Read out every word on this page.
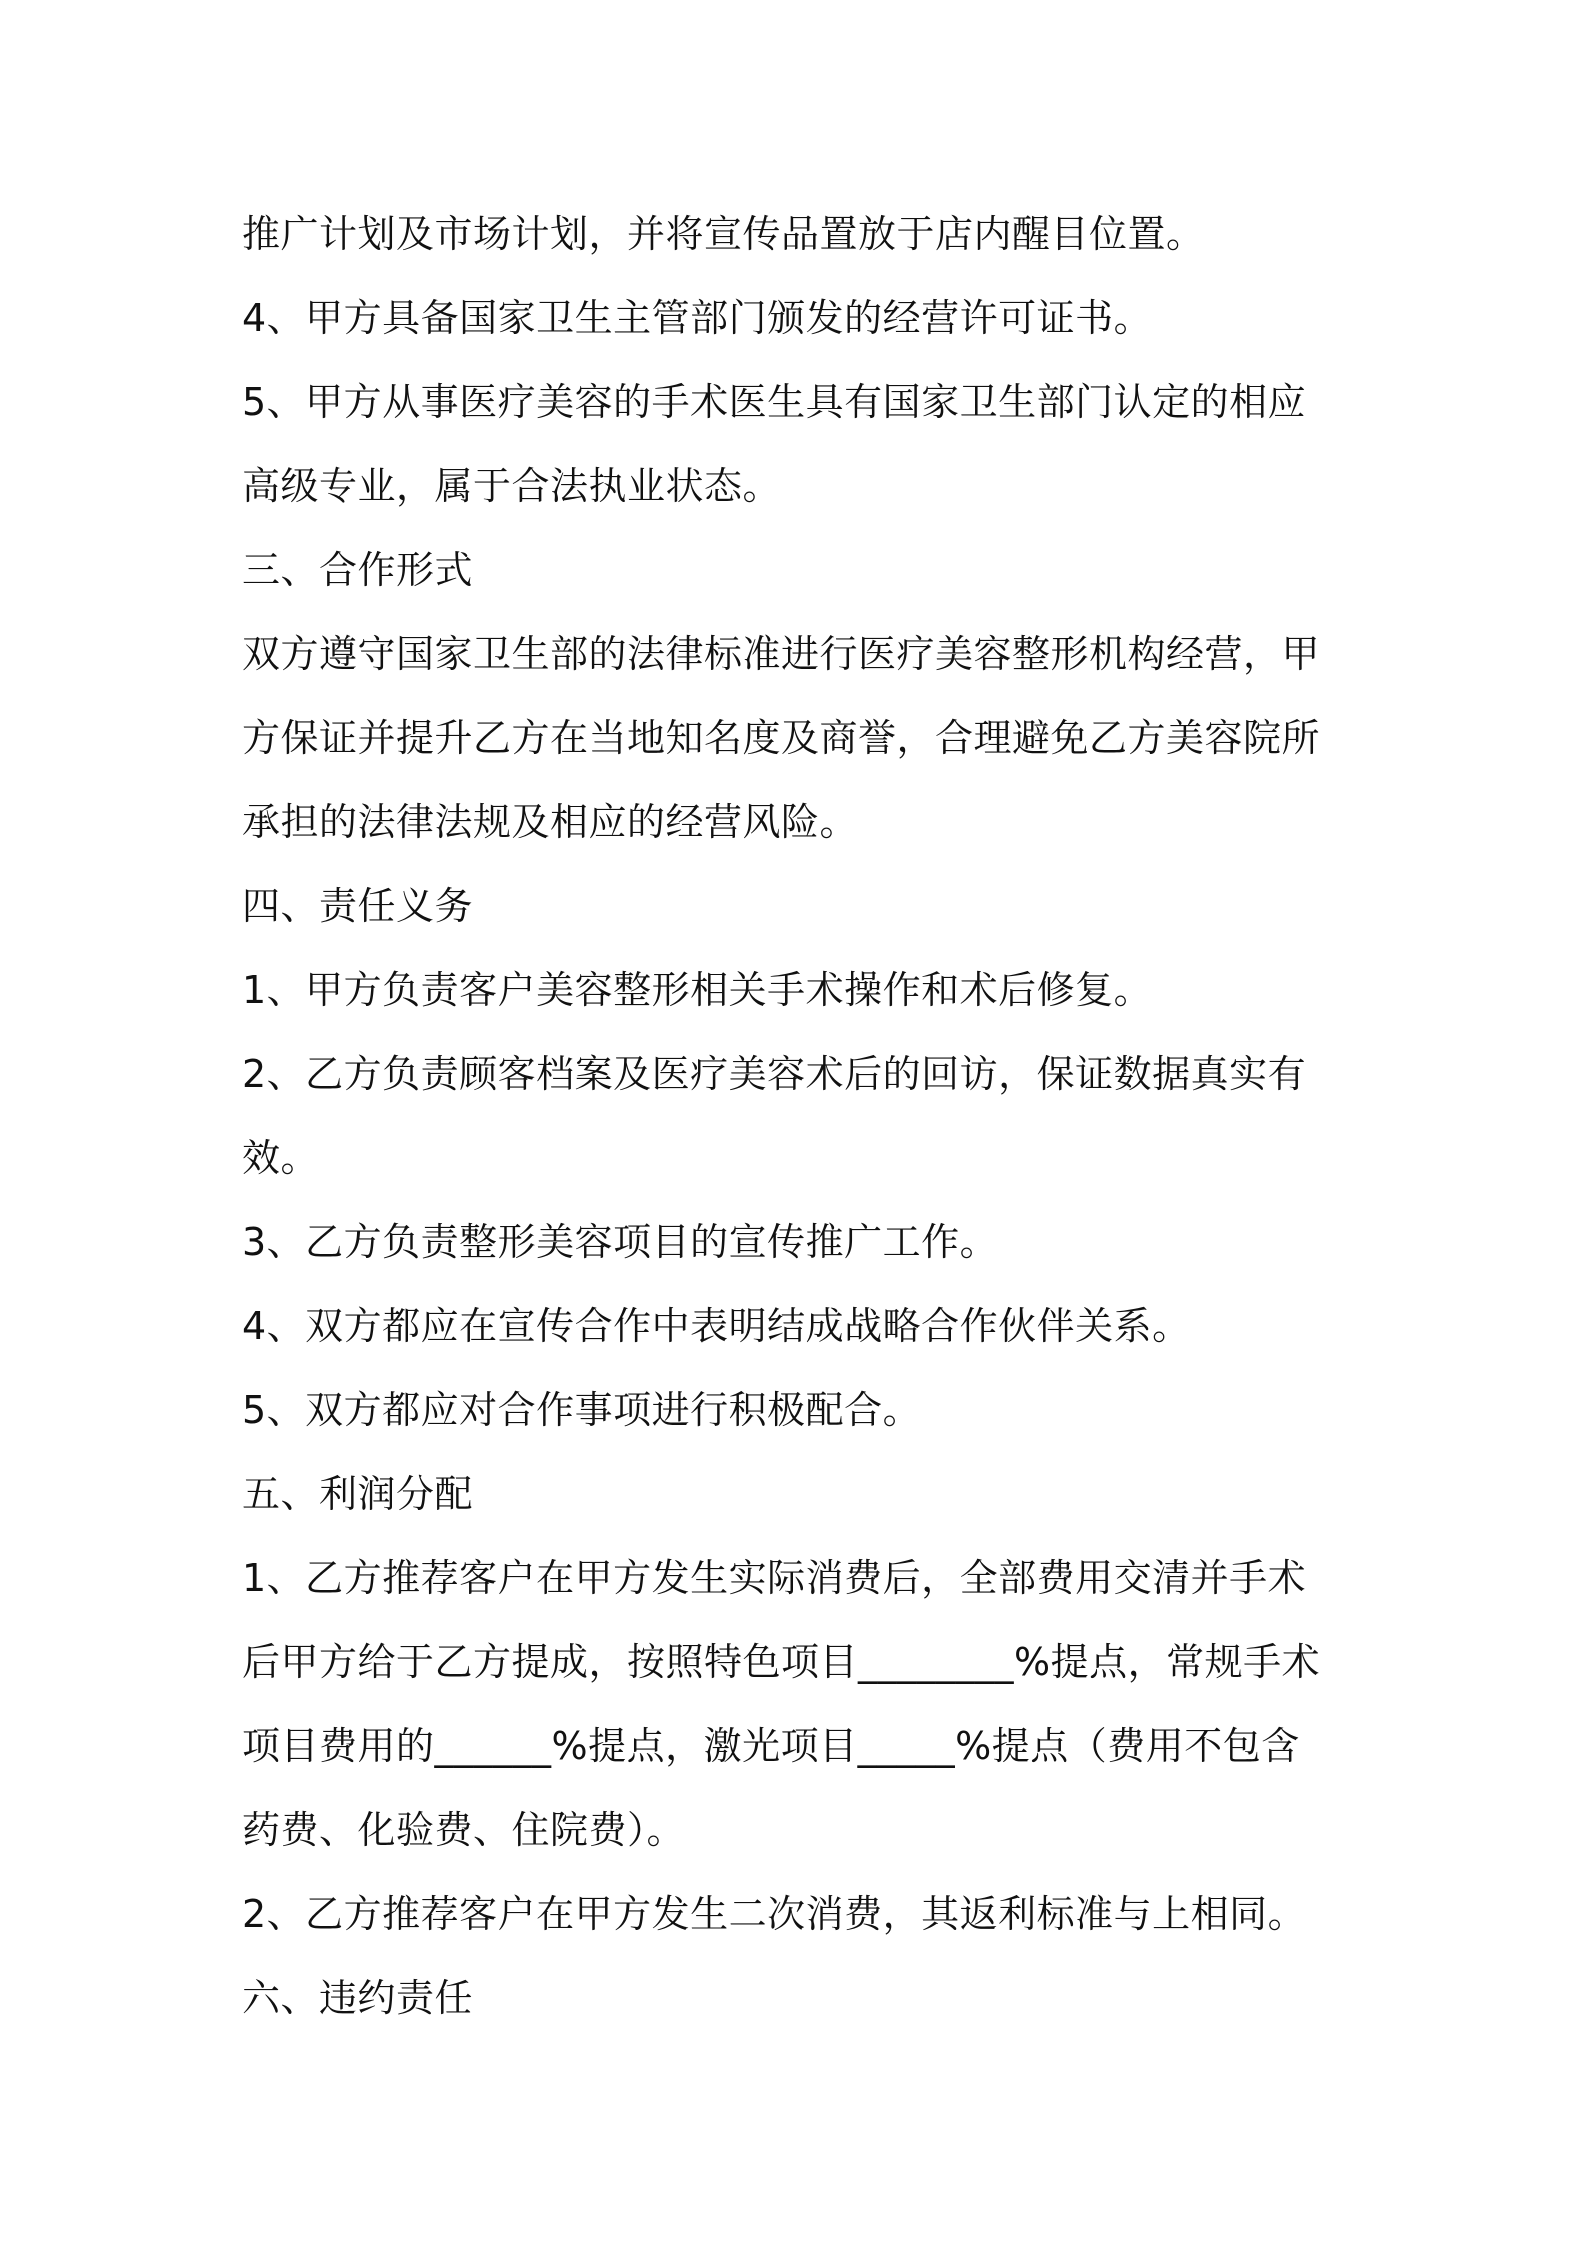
推广计划及市场计划，并将宣传品置放于店内醒目位置。
4、甲方具备国家卫生主管部门颁发的经营许可证书。
5、甲方从事医疗美容的手术医生具有国家卫生部门认定的相应
高级专业，属于合法执业状态。
三、合作形式
双方遵守国家卫生部的法律标准进行医疗美容整形机构经营，甲
方保证并提升乙方在当地知名度及商誉，合理避免乙方美容院所
承担的法律法规及相应的经营风险。
四、责任义务
1、甲方负责客户美容整形相关手术操作和术后修复。
2、乙方负责顾客档案及医疗美容术后的回访，保证数据真实有
效。
3、乙方负责整形美容项目的宣传推广工作。
4、双方都应在宣传合作中表明结成战略合作伙伴关系。
5、双方都应对合作事项进行积极配合。
五、利润分配
1、乙方推荐客户在甲方发生实际消费后，全部费用交清并手术
后甲方给于乙方提成，按照特色项目________%提点，常规手术
项目费用的______%提点，激光项目_____%提点（费用不包含
药费、化验费、住院费）。
2、乙方推荐客户在甲方发生二次消费，其返利标准与上相同。
六、违约责任
